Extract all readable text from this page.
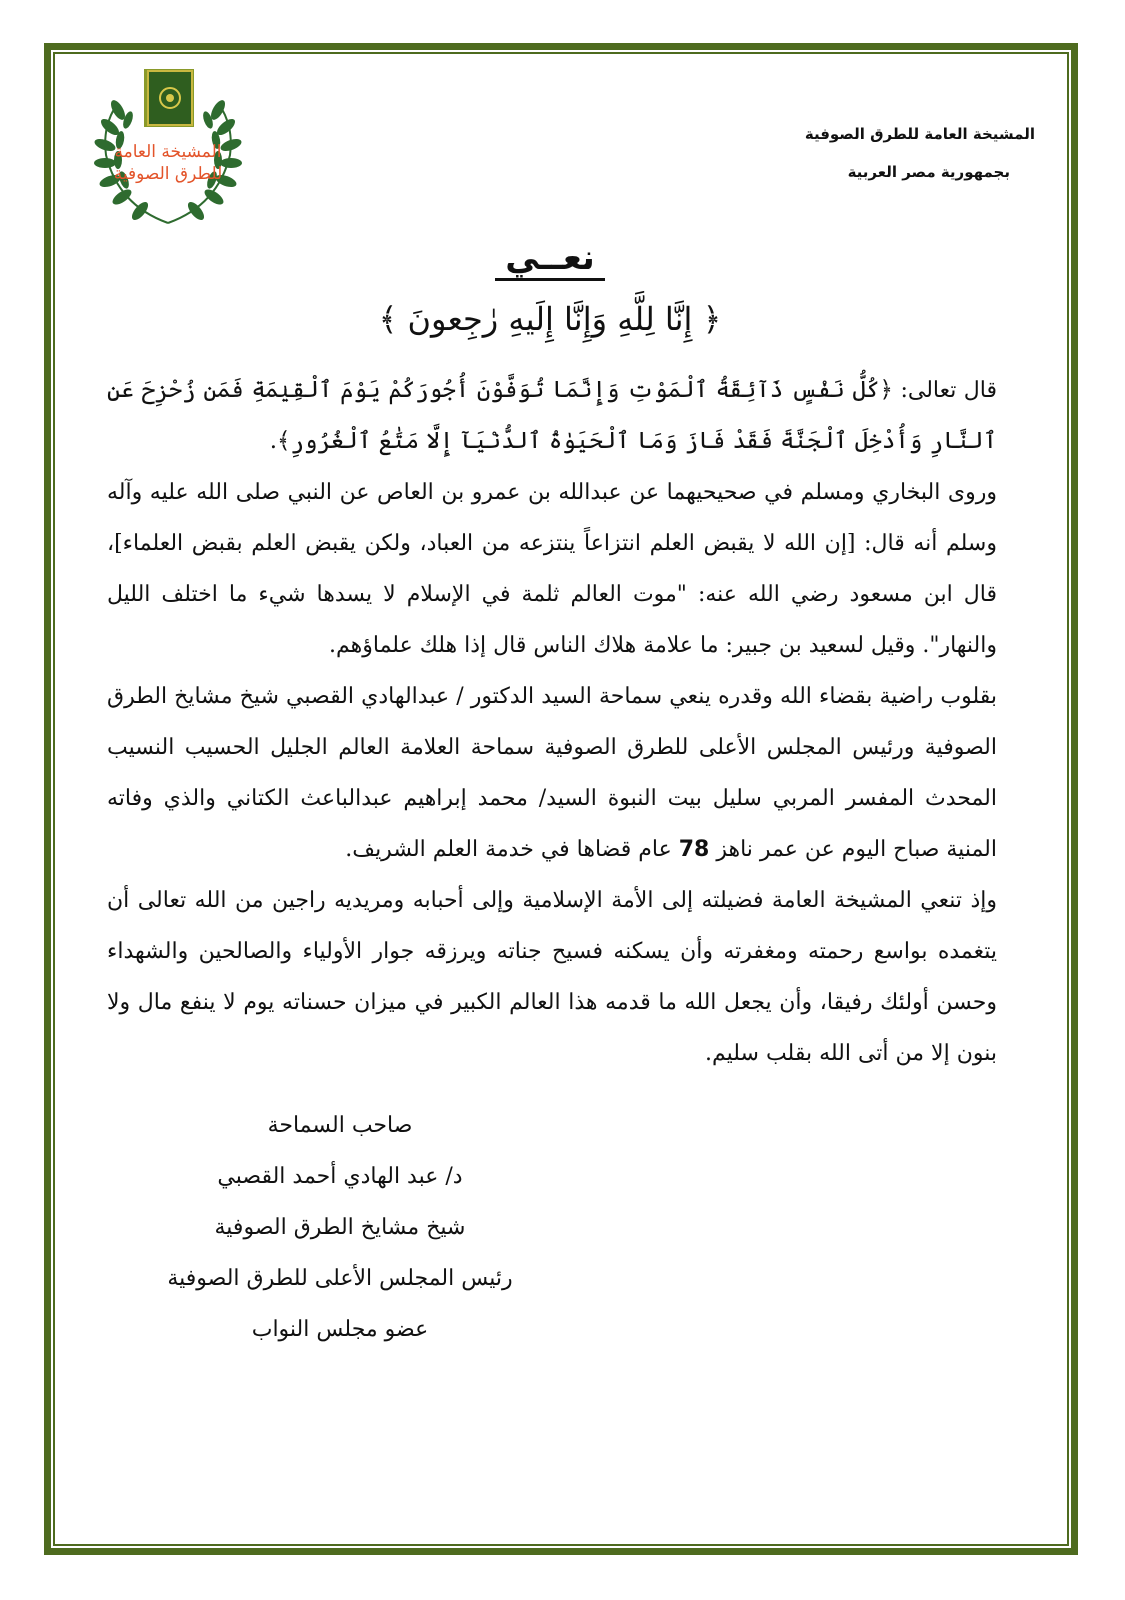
المشيخة العامة
للطرق الصوفية
المشيخة العامة للطرق الصوفية
بجمهورية مصر العربية
نعــي
﴿ إِنَّا لِلَّهِ وَإِنَّا إِلَيهِ رٰجِعونَ ﴾

قال تعالى: ﴿كُلُّ نَفْسٍ ذَآئِقَةُ ٱلْمَوْتِ وَإِنَّمَا تُوَفَّوْنَ أُجُورَكُمْ يَوْمَ ٱلْقِيٰمَةِ فَمَن زُحْزِحَ عَنِ ٱلنَّارِ وَأُدْخِلَ ٱلْجَنَّةَ فَقَدْ فَازَ وَمَا ٱلْحَيَوٰةُ ٱلدُّنْيَآ إِلَّا مَتَٰعُ ٱلْغُرُورِ﴾.

وروى البخاري ومسلم في صحيحيهما عن عبدالله بن عمرو بن العاص عن النبي صلى الله عليه وآله وسلم أنه قال: [إن الله لا يقبض العلم انتزاعاً ينتزعه من العباد، ولكن يقبض العلم بقبض العلماء]، قال ابن مسعود رضي الله عنه: "موت العالم ثلمة في الإسلام لا يسدها شيء ما اختلف الليل والنهار". وقيل لسعيد بن جبير: ما علامة هلاك الناس قال إذا هلك علماؤهم.

بقلوب راضية بقضاء الله وقدره ينعي سماحة السيد الدكتور / عبدالهادي القصبي شيخ مشايخ الطرق الصوفية ورئيس المجلس الأعلى للطرق الصوفية سماحة العلامة العالم الجليل الحسيب النسيب المحدث المفسر المربي سليل بيت النبوة السيد/ محمد إبراهيم عبدالباعث الكتاني والذي وفاته المنية صباح اليوم عن عمر ناهز 78 عام قضاها في خدمة العلم الشريف.

وإذ تنعي المشيخة العامة فضيلته إلى الأمة الإسلامية وإلى أحبابه ومريديه راجين من الله تعالى أن يتغمده بواسع رحمته ومغفرته وأن يسكنه فسيح جناته ويرزقه جوار الأولياء والصالحين والشهداء وحسن أولئك رفيقا، وأن يجعل الله ما قدمه هذا العالم الكبير في ميزان حسناته يوم لا ينفع مال ولا بنون إلا من أتى الله بقلب سليم.

صاحب السماحة
د/ عبد الهادي أحمد القصبي
شيخ مشايخ الطرق الصوفية
رئيس المجلس الأعلى للطرق الصوفية
عضو مجلس النواب
